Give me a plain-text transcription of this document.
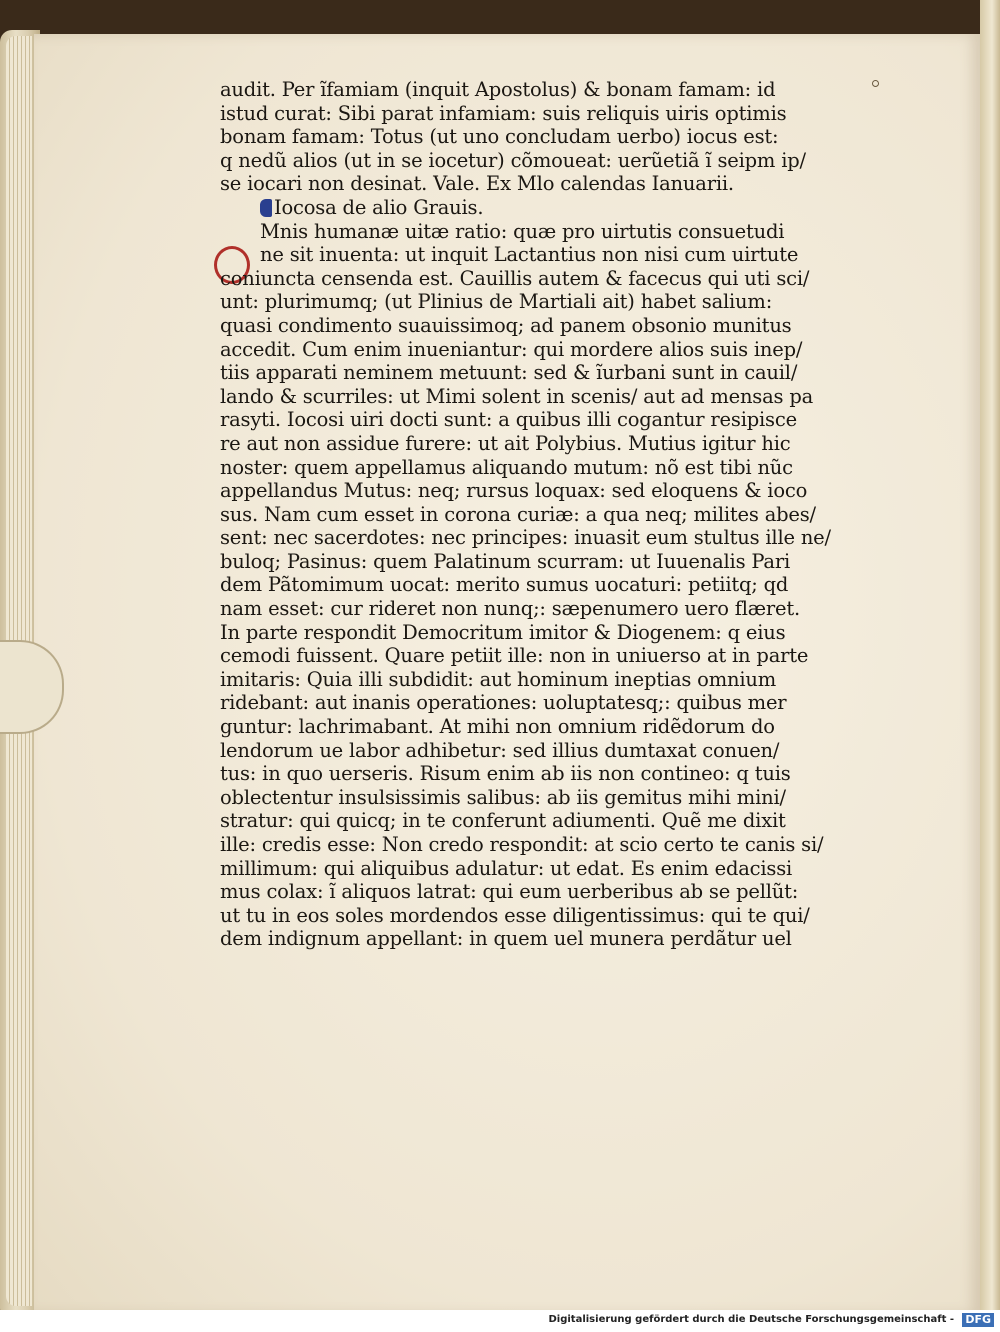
audit. Per ĩfamiam (inquit Apostolus) & bonam famam: id
istud curat: Sibi parat infamiam: suis reliquis uiris optimis
bonam famam: Totus (ut uno concludam uerbo) iocus est:
q nedũ alios (ut in se iocetur) cõmoueat: uerũetiã ĩ seipm ip/
se iocari non desinat. Vale. Ex Mlo calendas Ianuarii.
Iocosa de alio Grauis.
Mnis humanæ uitæ ratio: quæ pro uirtutis consuetudi
ne sit inuenta: ut inquit Lactantius non nisi cum uirtute
coniuncta censenda est. Cauillis autem & facecus qui uti sci/
unt: plurimumq; (ut Plinius de Martiali ait) habet salium:
quasi condimento suauissimoq; ad panem obsonio munitus
accedit. Cum enim inueniantur: qui mordere alios suis inep/
tiis apparati neminem metuunt: sed & ĩurbani sunt in cauil/
lando & scurriles: ut Mimi solent in scenis/ aut ad mensas pa
rasyti. Iocosi uiri docti sunt: a quibus illi cogantur resipisce
re aut non assidue furere: ut ait Polybius. Mutius igitur hic
noster: quem appellamus aliquando mutum: nõ est tibi nũc
appellandus Mutus: neq; rursus loquax: sed eloquens & ioco
sus. Nam cum esset in corona curiæ: a qua neq; milites abes/
sent: nec sacerdotes: nec principes: inuasit eum stultus ille ne/
buloq; Pasinus: quem Palatinum scurram: ut Iuuenalis Pari
dem Pãtomimum uocat: merito sumus uocaturi: petiitq; qd
nam esset: cur rideret non nunq;: sæpenumero uero flæret.
In parte respondit Democritum imitor & Diogenem: q eius
cemodi fuissent. Quare petiit ille: non in uniuerso at in parte
imitaris: Quia illi subdidit: aut hominum ineptias omnium
ridebant: aut inanis operationes: uoluptatesq;: quibus mer
guntur: lachrimabant. At mihi non omnium ridẽdorum do
lendorum ue labor adhibetur: sed illius dumtaxat conuen/
tus: in quo uerseris. Risum enim ab iis non contineo: q tuis
oblectentur insulsissimis salibus: ab iis gemitus mihi mini/
stratur: qui quicq; in te conferunt adiumenti. Quẽ me dixit
ille: credis esse: Non credo respondit: at scio certo te canis si/
millimum: qui aliquibus adulatur: ut edat. Es enim edacissi
mus colax: ĩ aliquos latrat: qui eum uerberibus ab se pellũt:
ut tu in eos soles mordendos esse diligentissimus: qui te qui/
dem indignum appellant: in quem uel munera perdãtur uel
Digitalisierung gefördert durch die Deutsche Forschungsgemeinschaft - DFG
